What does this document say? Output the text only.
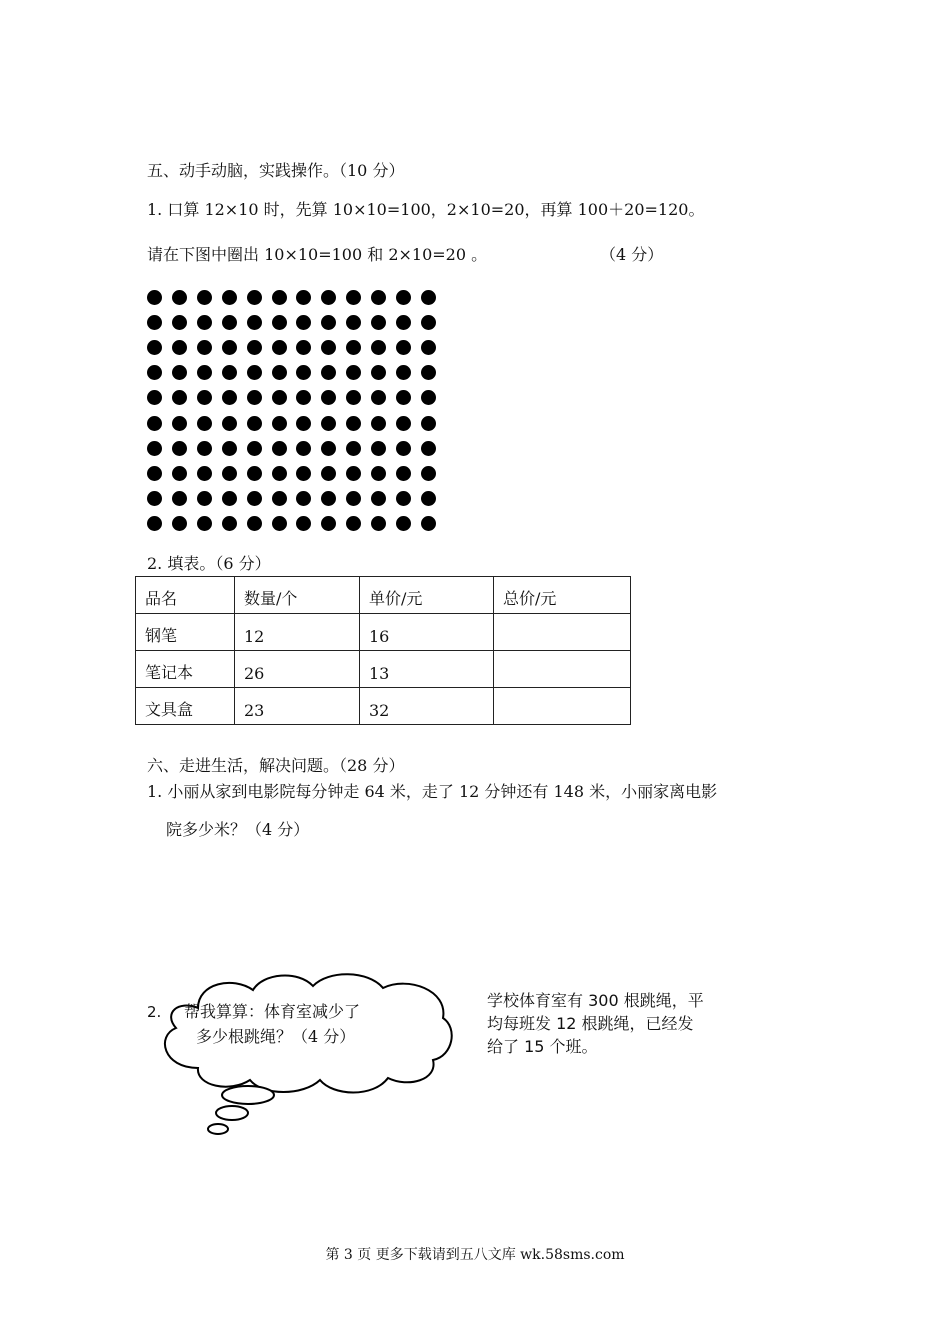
五、动手动脑，实践操作。（10 分）
1. 口算 12×10 时，先算 10×10=100，2×10=20，再算 100＋20=120。
请在下图中圈出 10×10=100 和 2×10=20 。	（4 分）
2. 填表。（6 分）
品名	数量/个	单价/元	总价/元
钢笔	12	16	
笔记本	26	13	
文具盒	23	32	
六、走进生活，解决问题。（28 分）
1. 小丽从家到电影院每分钟走 64 米，走了 12 分钟还有 148 米，小丽家离电影
院多少米？（4 分）
2. 帮我算算：体育室减少了
多少根跳绳？（4 分）
学校体育室有 300 根跳绳，平
均每班发 12 根跳绳，已经发
给了 15 个班。
第 3 页 更多下载请到五八文库 wk.58sms.com
